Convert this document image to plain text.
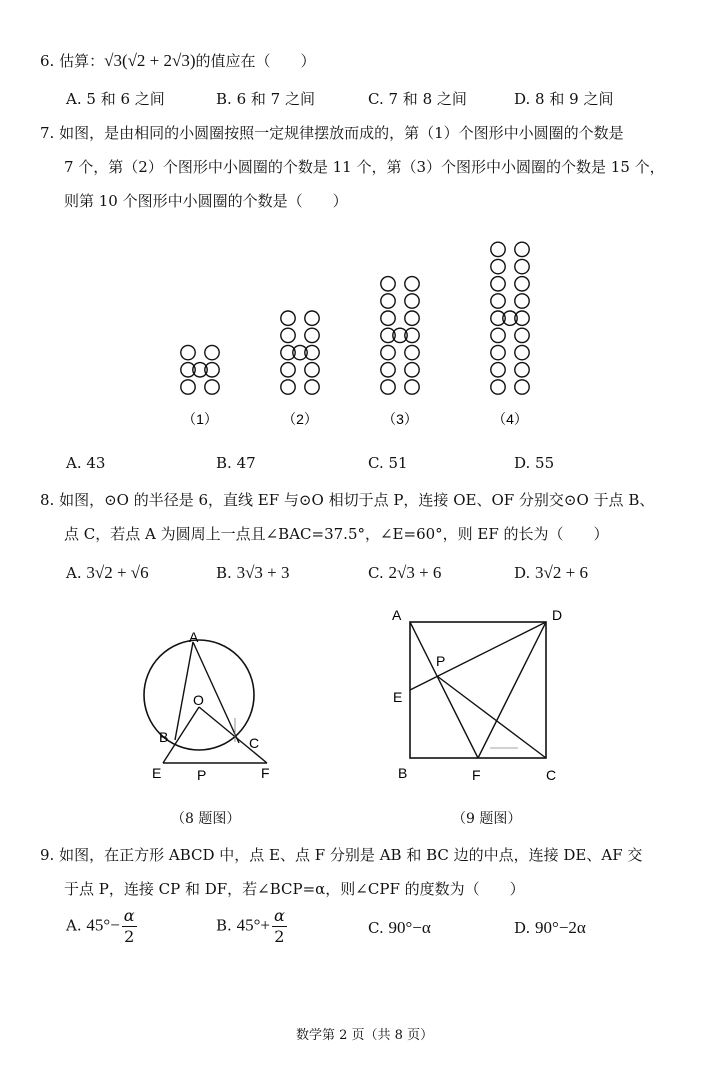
6. 估算：√3(√2 + 2√3)的值应在（　　）
A. 5 和 6 之间	B. 6 和 7 之间	C. 7 和 8 之间	D. 8 和 9 之间
7. 如图，是由相同的小圆圈按照一定规律摆放而成的，第（1）个图形中小圆圈的个数是
7 个，第（2）个图形中小圆圈的个数是 11 个，第（3）个图形中小圆圈的个数是 15 个，
则第 10 个图形中小圆圈的个数是（　　）
（1）	（2）	（3）	（4）
A. 43	B. 47	C. 51	D. 55
8. 如图，⊙O 的半径是 6，直线 EF 与⊙O 相切于点 P，连接 OE、OF 分别交⊙O 于点 B、
点 C，若点 A 为圆周上一点且∠BAC=37.5°，∠E=60°，则 EF 的长为（　　）
A. 3√2 + √6	B. 3√3 + 3	C. 2√3 + 6	D. 3√2 + 6
A
O
B	C
E	P	F
（8 题图）
A	D
P
E
B	F	C
（9 题图）
9. 如图，在正方形 ABCD 中，点 E、点 F 分别是 AB 和 BC 边的中点，连接 DE、AF 交
于点 P，连接 CP 和 DF，若∠BCP=α，则∠CPF 的度数为（　　）
A. $45^\circ- \frac{\alpha}{2}$	B. $45^\circ+ \frac{\alpha}{2}$	C. 90°−α	D. 90°−2α
数学第 2 页（共 8 页）
